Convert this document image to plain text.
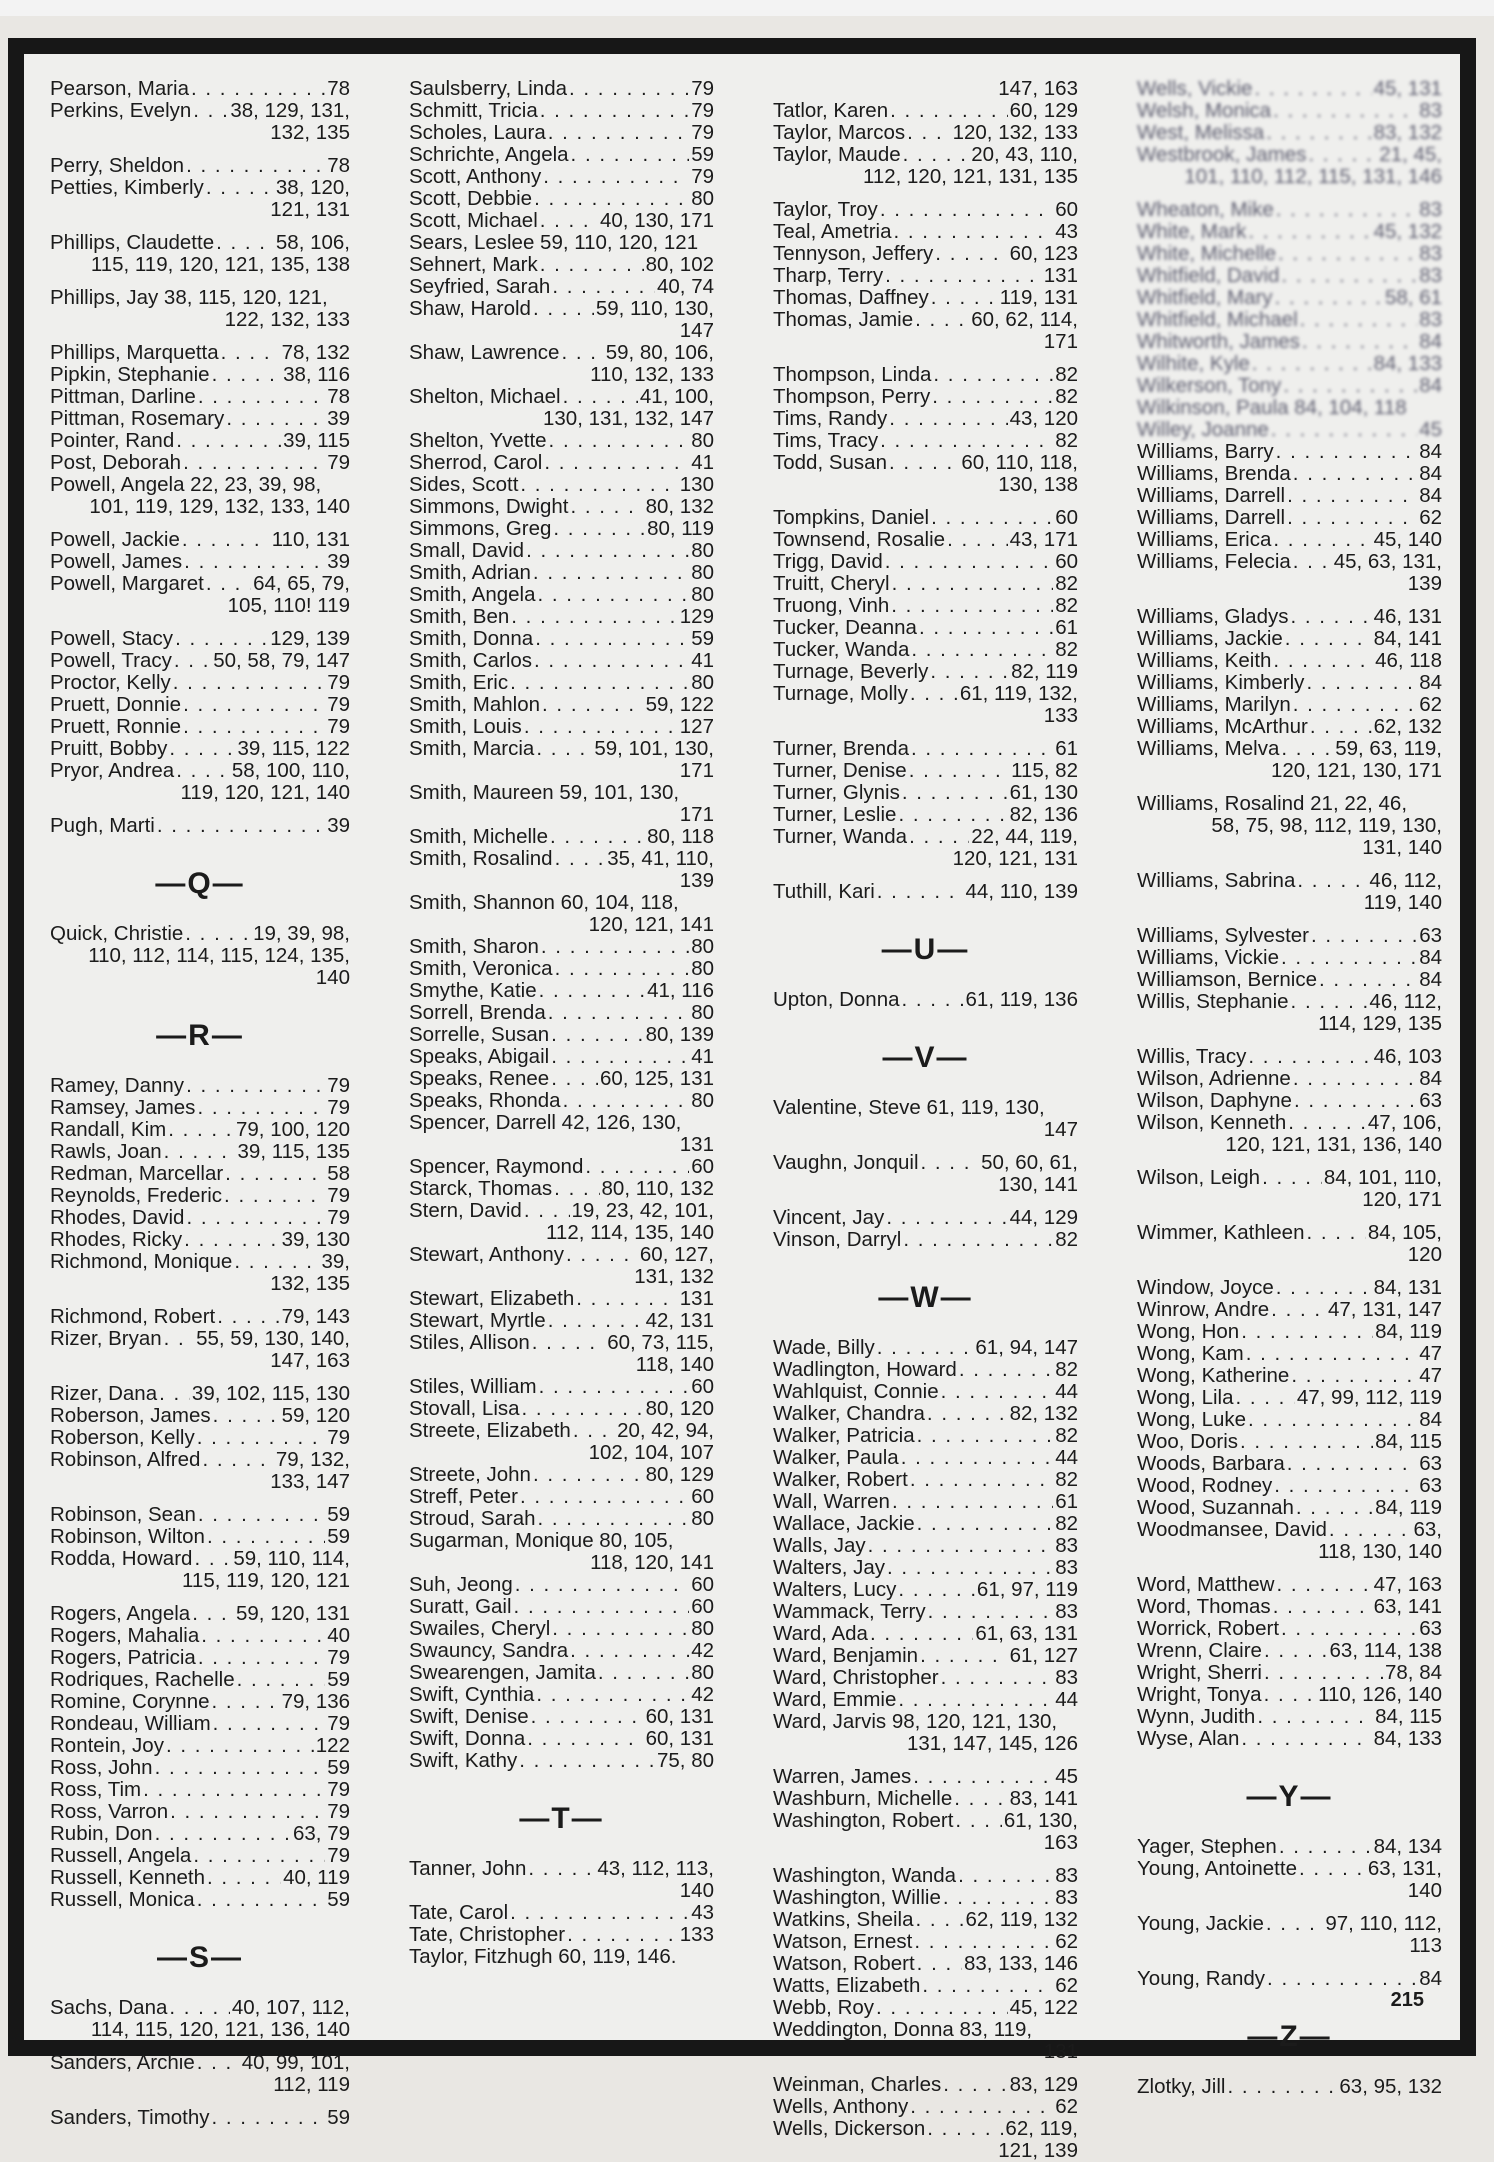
Pearson, Maria . . .	78
Perkins, Evelyn . . . 38, 129, 131,
132, 135
Perry, Sheldon . . .	78
Petties, Kimberly . . .	38, 120,
121, 131
Phillips, Claudette . . .	58, 106,
115, 119, 120, 121, 135, 138
Phillips, Jay 38, 115, 120, 121,
122, 132, 133
Phillips, Marquetta . . .	78, 132
Pipkin, Stephanie . . .	38, 116
Pittman, Darline . . .	78
Pittman, Rosemary . . .	39
Pointer, Rand . . .	39, 115
Post, Deborah . . .	79
Powell, Angela 22, 23, 39, 98,
101, 119, 129, 132, 133, 140
Powell, Jackie . . .	110, 131
Powell, James . . .	39
Powell, Margaret . . . 64, 65, 79,
105, 110! 119
Powell, Stacy . . .	129, 139
Powell, Tracy . . . 50, 58, 79, 147
Proctor, Kelly . . .	79
Pruett, Donnie . . .	79
Pruett, Ronnie . . .	79
Pruitt, Bobby . . .	39, 115, 122
Pryor, Andrea . . .	58, 100, 110,
119, 120, 121, 140
Pugh, Marti . . .	39
—Q—
Quick, Christie . . .	19, 39, 98,
110, 112, 114, 115, 124, 135,
140
—R—
Ramey, Danny . . .	79
Ramsey, James . . .	79
Randall, Kim . . .	79, 100, 120
Rawls, Joan . . .	39, 115, 135
Redman, Marcellar . . .	58
Reynolds, Frederic . . .	79
Rhodes, David . . .	79
Rhodes, Ricky . . .	39, 130
Richmond, Monique . . .	39,
132, 135
Richmond, Robert . . .	79, 143
Rizer, Bryan . . . 55, 59, 130, 140,
147, 163
Rizer, Dana . . . 39, 102, 115, 130
Roberson, James . . .	59, 120
Roberson, Kelly . . .	79
Robinson, Alfred . . .	79, 132,
133, 147
Robinson, Sean . . .	59
Robinson, Wilton . . .	59
Rodda, Howard . . . 59, 110, 114,
115, 119, 120, 121
Rogers, Angela . . . 59, 120, 131
Rogers, Mahalia . . .	40
Rogers, Patricia . . .	79
Rodriques, Rachelle . . .	59
Romine, Corynne . . .	79, 136
Rondeau, William . . .	79
Rontein, Joy . . .	122
Ross, John . . .	59
Ross, Tim . . .	79
Ross, Varron . . .	79
Rubin, Don . . .	63, 79
Russell, Angela . . .	79
Russell, Kenneth . . .	40, 119
Russell, Monica . . .	59
—S—
Sachs, Dana . . .	40, 107, 112,
114, 115, 120, 121, 136, 140
Sanders, Archie . . . 40, 99, 101,
112, 119
Sanders, Timothy . . .	59
Saulsberry, Linda . . .	79
Schmitt, Tricia . . .	79
Scholes, Laura . . .	79
Schrichte, Angela . . .	59
Scott, Anthony . . .	79
Scott, Debbie . . .	80
Scott, Michael . . .	40, 130, 171
Sears, Leslee 59, 110, 120, 121
Sehnert, Mark . . .	80, 102
Seyfried, Sarah . . .	40, 74
Shaw, Harold . . .	59, 110, 130,
147
Shaw, Lawrence . . . 59, 80, 106,
110, 132, 133
Shelton, Michael . . .	41, 100,
130, 131, 132, 147
Shelton, Yvette . . .	80
Sherrod, Carol . . .	41
Sides, Scott . . .	130
Simmons, Dwight . . .	80, 132
Simmons, Greg . . .	80, 119
Small, David . . .	80
Smith, Adrian . . .	80
Smith, Angela . . .	80
Smith, Ben . . .	129
Smith, Donna . . .	59
Smith, Carlos . . .	41
Smith, Eric . . .	80
Smith, Mahlon . . .	59, 122
Smith, Louis . . .	127
Smith, Marcia . . .	59, 101, 130,
171
Smith, Maureen 59, 101, 130,
171
Smith, Michelle . . .	80, 118
Smith, Rosalind . . .	35, 41, 110,
139
Smith, Shannon 60, 104, 118,
120, 121, 141
Smith, Sharon . . .	80
Smith, Veronica . . .	80
Smythe, Katie . . .	41, 116
Sorrell, Brenda . . .	80
Sorrelle, Susan . . .	80, 139
Speaks, Abigail . . .	41
Speaks, Renee . . . 60, 125, 131
Speaks, Rhonda . . .	80
Spencer, Darrell 42, 126, 130,
131
Spencer, Raymond . . .	60
Starck, Thomas . . . 80, 110, 132
Stern, David . . . 19, 23, 42, 101,
112, 114, 135, 140
Stewart, Anthony . . .	60, 127,
131, 132
Stewart, Elizabeth . . .	131
Stewart, Myrtle . . .	42, 131
Stiles, Allison . . .	60, 73, 115,
118, 140
Stiles, William . . .	60
Stovall, Lisa . . .	80, 120
Streete, Elizabeth . . . 20, 42, 94,
102, 104, 107
Streete, John . . .	80, 129
Streff, Peter . . .	60
Stroud, Sarah . . .	80
Sugarman, Monique 80, 105,
118, 120, 141
Suh, Jeong . . .	60
Suratt, Gail . . .	60
Swailes, Cheryl . . .	80
Swauncy, Sandra . . .	42
Swearengen, Jamita . . .	80
Swift, Cynthia . . .	42
Swift, Denise . . .	60, 131
Swift, Donna . . .	60, 131
Swift, Kathy . . .	75, 80
—T—
Tanner, John . . .	43, 112, 113,
140
Tate, Carol . . .	43
Tate, Christopher . . .	133
Taylor, Fitzhugh 60, 119, 146.
147, 163
Tatlor, Karen . . .	60, 129
Taylor, Marcos . . . 120, 132, 133
Taylor, Maude . . .	20, 43, 110,
112, 120, 121, 131, 135
Taylor, Troy . . .	60
Teal, Ametria . . .	43
Tennyson, Jeffery . . .	60, 123
Tharp, Terry . . .	131
Thomas, Daffney . . .	119, 131
Thomas, Jamie . . .	60, 62, 114,
171
Thompson, Linda . . .	82
Thompson, Perry . . .	82
Tims, Randy . . .	43, 120
Tims, Tracy . . .	82
Todd, Susan . . .	60, 110, 118,
130, 138
Tompkins, Daniel . . .	60
Townsend, Rosalie . . .	43, 171
Trigg, David . . .	60
Truitt, Cheryl . . .	82
Truong, Vinh . . .	82
Tucker, Deanna . . .	61
Tucker, Wanda . . .	82
Turnage, Beverly . . .	82, 119
Turnage, Molly . . .	61, 119, 132,
133
Turner, Brenda . . .	61
Turner, Denise . . .	115, 82
Turner, Glynis . . .	61, 130
Turner, Leslie . . .	82, 136
Turner, Wanda . . .	22, 44, 119,
120, 121, 131
Tuthill, Kari . . .	44, 110, 139
—U—
Upton, Donna . . .	61, 119, 136
—V—
Valentine, Steve 61, 119, 130,
147
Vaughn, Jonquil . . .	50, 60, 61,
130, 141
Vincent, Jay . . .	44, 129
Vinson, Darryl . . .	82
—W—
Wade, Billy . . .	61, 94, 147
Wadlington, Howard . . .	82
Wahlquist, Connie . . .	44
Walker, Chandra . . .	82, 132
Walker, Patricia . . .	82
Walker, Paula . . .	44
Walker, Robert . . .	82
Wall, Warren . . .	61
Wallace, Jackie . . .	82
Walls, Jay . . .	83
Walters, Jay . . .	83
Walters, Lucy . . .	61, 97, 119
Wammack, Terry . . .	83
Ward, Ada . . .	61, 63, 131
Ward, Benjamin . . .	61, 127
Ward, Christopher . . .	83
Ward, Emmie . . .	44
Ward, Jarvis 98, 120, 121, 130,
131, 147, 145, 126
Warren, James . . .	45
Washburn, Michelle . . .	83, 141
Washington, Robert . . . 61, 130,
163
Washington, Wanda . . .	83
Washington, Willie . . .	83
Watkins, Sheila . . .	62, 119, 132
Watson, Ernest . . .	62
Watson, Robert . . . 83, 133, 146
Watts, Elizabeth . . .	62
Webb, Roy . . .	45, 122
Weddington, Donna 83, 119,
131
Weinman, Charles . . .	83, 129
Wells, Anthony . . .	62
Wells, Dickerson . . .	62, 119,
121, 139
Wells, Vickie . . .	45, 131
Welsh, Monica . . .	83
West, Melissa . . .	83, 132
Westbrook, James . . .	21, 45,
101, 110, 112, 115, 131, 146
Wheaton, Mike . . .	83
White, Mark . . .	45, 132
White, Michelle . . .	83
Whitfield, David . . .	83
Whitfield, Mary . . .	58, 61
Whitfield, Michael . . .	83
Whitworth, James . . .	84
Wilhite, Kyle . . .	84, 133
Wilkerson, Tony . . .	84
Wilkinson, Paula 84, 104, 118
Willey, Joanne . . .	45
Williams, Barry . . .	84
Williams, Brenda . . .	84
Williams, Darrell . . .	84
Williams, Darrell . . .	62
Williams, Erica . . .	45, 140
Williams, Felecia . . . 45, 63, 131,
139
Williams, Gladys . . .	46, 131
Williams, Jackie . . .	84, 141
Williams, Keith . . .	46, 118
Williams, Kimberly . . .	84
Williams, Marilyn . . .	62
Williams, McArthur . . .	62, 132
Williams, Melva . . .	59, 63, 119,
120, 121, 130, 171
Williams, Rosalind 21, 22, 46,
58, 75, 98, 112, 119, 130,
131, 140
Williams, Sabrina . . .	46, 112,
119, 140
Williams, Sylvester . . .	63
Williams, Vickie . . .	84
Williamson, Bernice . . .	84
Willis, Stephanie . . .	46, 112,
114, 129, 135
Willis, Tracy . . .	46, 103
Wilson, Adrienne . . .	84
Wilson, Daphyne . . .	63
Wilson, Kenneth . . .	47, 106,
120, 121, 131, 136, 140
Wilson, Leigh . . .	84, 101, 110,
120, 171
Wimmer, Kathleen . . .	84, 105,
120
Window, Joyce . . .	84, 131
Winrow, Andre . . .	47, 131, 147
Wong, Hon . . .	84, 119
Wong, Kam . . .	47
Wong, Katherine . . .	47
Wong, Lila . . .	47, 99, 112, 119
Wong, Luke . . .	84
Woo, Doris . . .	84, 115
Woods, Barbara . . .	63
Wood, Rodney . . .	63
Wood, Suzannah . . .	84, 119
Woodmansee, David . . .	63,
118, 130, 140
Word, Matthew . . .	47, 163
Word, Thomas . . .	63, 141
Worrick, Robert . . .	63
Wrenn, Claire . . .	63, 114, 138
Wright, Sherri . . .	78, 84
Wright, Tonya . . .	110, 126, 140
Wynn, Judith . . .	84, 115
Wyse, Alan . . .	84, 133
—Y—
Yager, Stephen . . .	84, 134
Young, Antoinette . . .	63, 131,
140
Young, Jackie . . .	97, 110, 112,
113
Young, Randy . . .	84
—Z—
Zlotky, Jill . . .	63, 95, 132
215
